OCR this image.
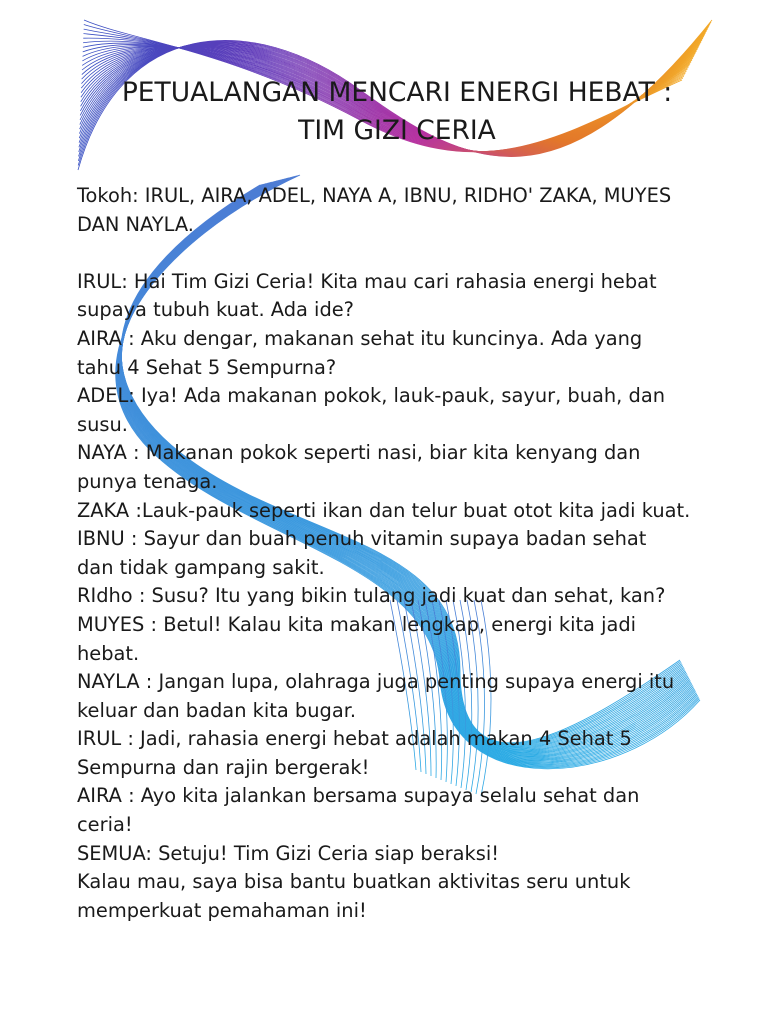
PETUALANGAN MENCARI ENERGI HEBAT :
TIM GIZI CERIA
Tokoh: IRUL, AIRA, ADEL, NAYA A, IBNU, RIDHO' ZAKA, MUYES
DAN NAYLA.
IRUL: Hai Tim Gizi Ceria! Kita mau cari rahasia energi hebat
supaya tubuh kuat. Ada ide?
AIRA : Aku dengar, makanan sehat itu kuncinya. Ada yang
tahu 4 Sehat 5 Sempurna?
ADEL: Iya! Ada makanan pokok, lauk-pauk, sayur, buah, dan
susu.
NAYA : Makanan pokok seperti nasi, biar kita kenyang dan
punya tenaga.
ZAKA :Lauk-pauk seperti ikan dan telur buat otot kita jadi kuat.
IBNU : Sayur dan buah penuh vitamin supaya badan sehat
dan tidak gampang sakit.
RIdho : Susu? Itu yang bikin tulang jadi kuat dan sehat, kan?
MUYES : Betul! Kalau kita makan lengkap, energi kita jadi
hebat.
NAYLA : Jangan lupa, olahraga juga penting supaya energi itu
keluar dan badan kita bugar.
IRUL : Jadi, rahasia energi hebat adalah makan 4 Sehat 5
Sempurna dan rajin bergerak!
AIRA : Ayo kita jalankan bersama supaya selalu sehat dan
ceria!
SEMUA: Setuju! Tim Gizi Ceria siap beraksi!
Kalau mau, saya bisa bantu buatkan aktivitas seru untuk
memperkuat pemahaman ini!
